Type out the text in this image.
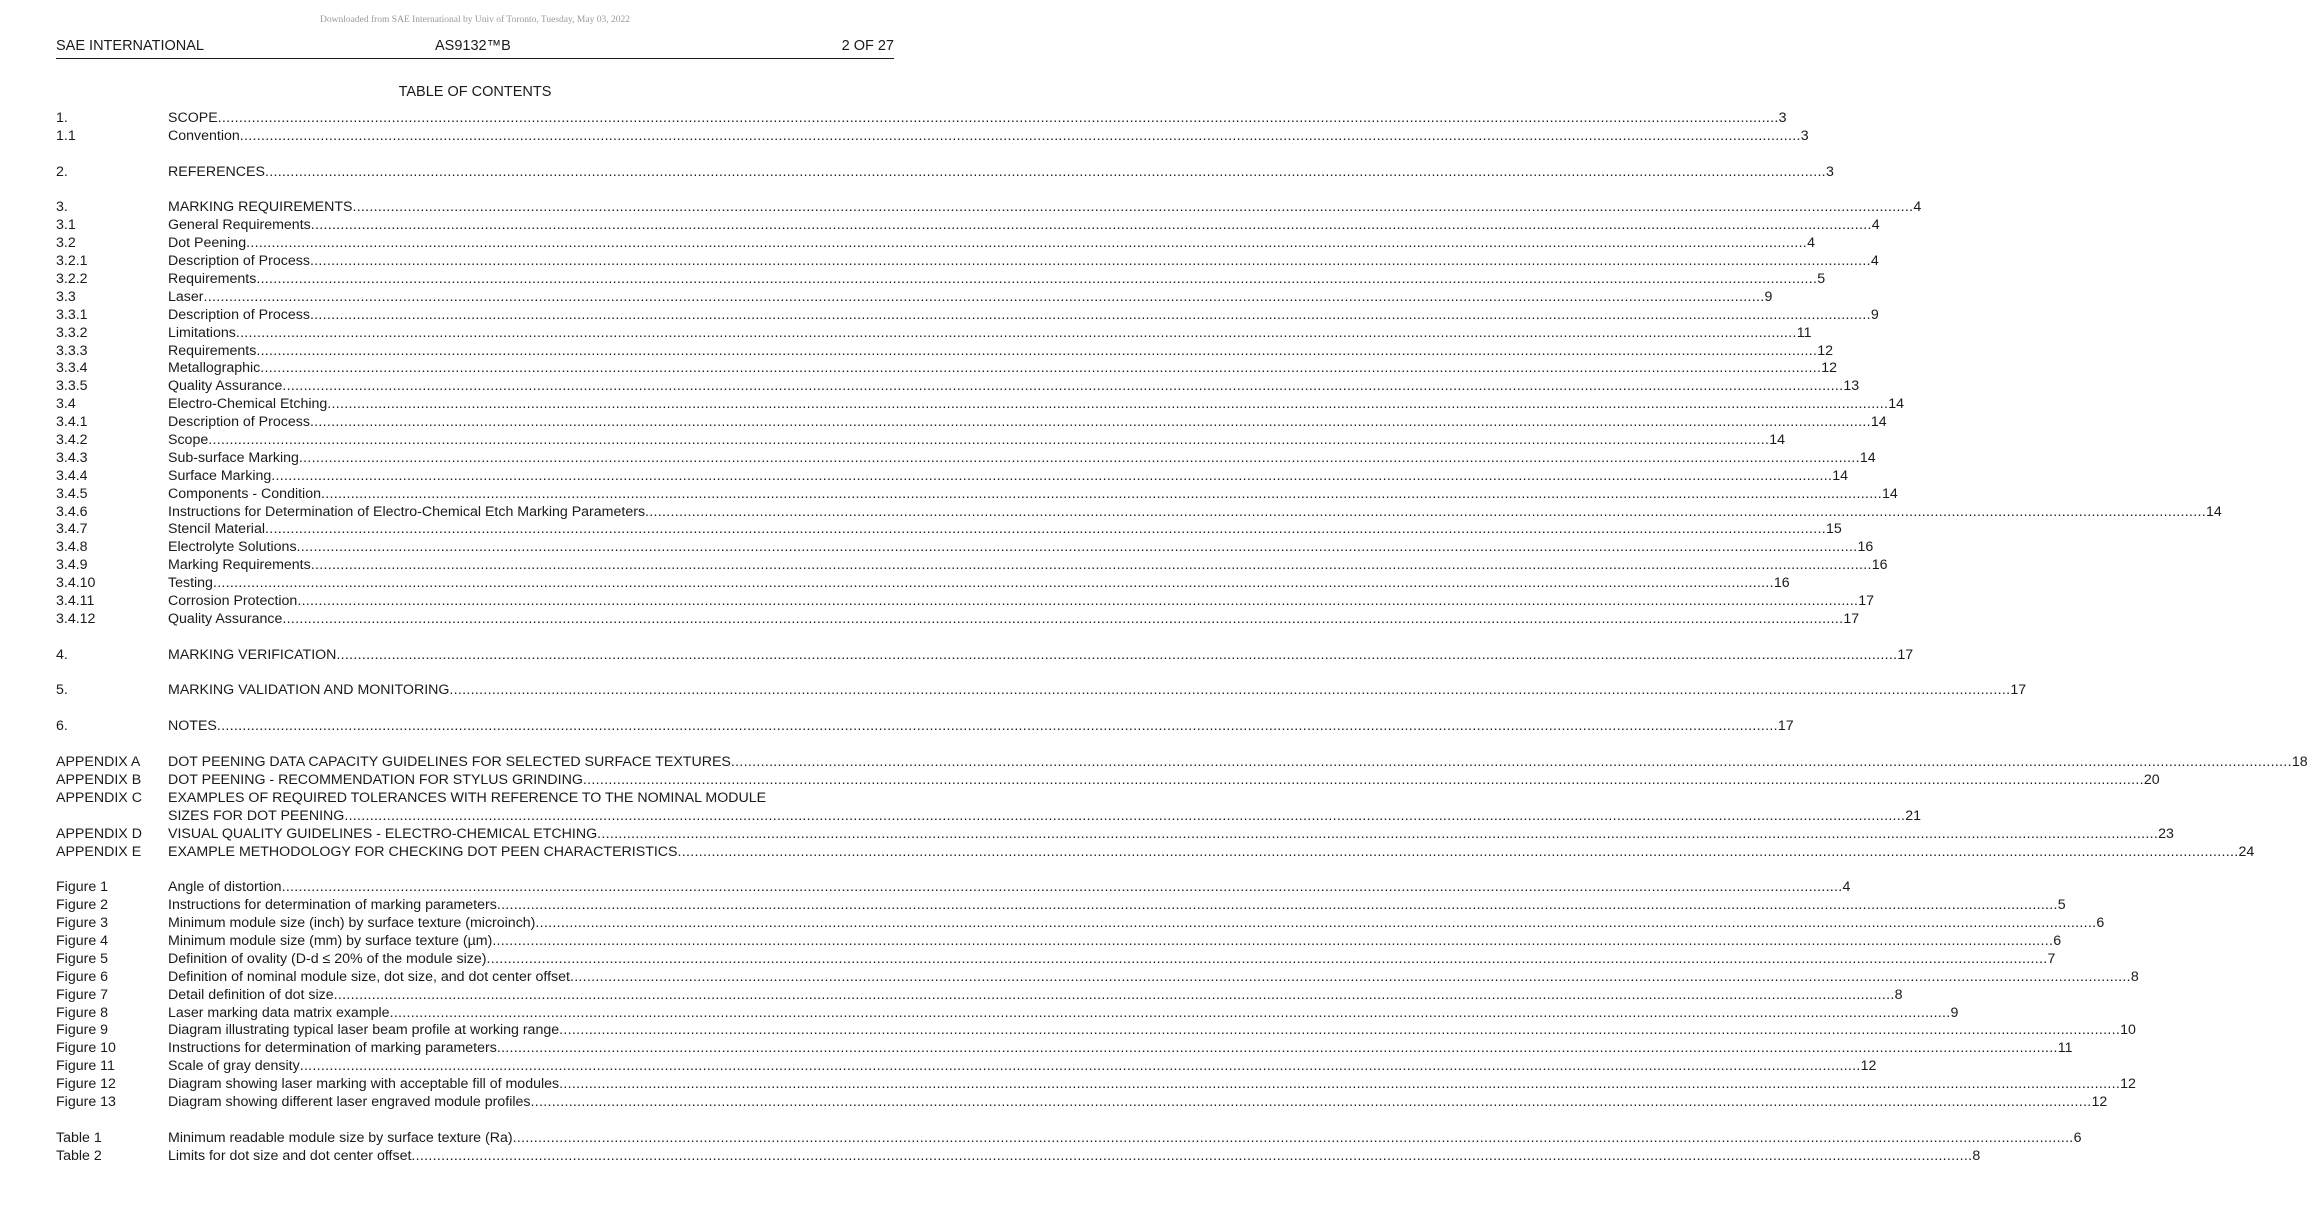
Downloaded from SAE International by Univ of Toronto, Tuesday, May 03, 2022
SAE INTERNATIONAL	AS9132™B	2 OF 27
TABLE OF CONTENTS
1.	SCOPE .....	3
1.1	Convention .....	3
2.	REFERENCES .....	3
3.	MARKING REQUIREMENTS .....	4
3.1	General Requirements .....	4
3.2	Dot Peening .....	4
3.2.1	Description of Process .....	4
3.2.2	Requirements .....	5
3.3	Laser .....	9
3.3.1	Description of Process .....	9
3.3.2	Limitations .....	11
3.3.3	Requirements .....	12
3.3.4	Metallographic .....	12
3.3.5	Quality Assurance .....	13
3.4	Electro-Chemical Etching .....	14
3.4.1	Description of Process .....	14
3.4.2	Scope .....	14
3.4.3	Sub-surface Marking .....	14
3.4.4	Surface Marking .....	14
3.4.5	Components - Condition .....	14
3.4.6	Instructions for Determination of Electro-Chemical Etch Marking Parameters .....	14
3.4.7	Stencil Material .....	15
3.4.8	Electrolyte Solutions .....	16
3.4.9	Marking Requirements .....	16
3.4.10	Testing .....	16
3.4.11	Corrosion Protection .....	17
3.4.12	Quality Assurance .....	17
4.	MARKING VERIFICATION .....	17
5.	MARKING VALIDATION AND MONITORING .....	17
6.	NOTES .....	17
APPENDIX A	DOT PEENING DATA CAPACITY GUIDELINES FOR SELECTED SURFACE TEXTURES .....	18
APPENDIX B	DOT PEENING - RECOMMENDATION FOR STYLUS GRINDING .....	20
APPENDIX C	EXAMPLES OF REQUIRED TOLERANCES WITH REFERENCE TO THE NOMINAL MODULE
SIZES FOR DOT PEENING .....	21
APPENDIX D	VISUAL QUALITY GUIDELINES - ELECTRO-CHEMICAL ETCHING .....	23
APPENDIX E	EXAMPLE METHODOLOGY FOR CHECKING DOT PEEN CHARACTERISTICS .....	24
Figure 1	Angle of distortion .....	4
Figure 2	Instructions for determination of marking parameters .....	5
Figure 3	Minimum module size (inch) by surface texture (microinch) .....	6
Figure 4	Minimum module size (mm) by surface texture (µm) .....	6
Figure 5	Definition of ovality (D-d ≤ 20% of the module size) .....	7
Figure 6	Definition of nominal module size, dot size, and dot center offset .....	8
Figure 7	Detail definition of dot size .....	8
Figure 8	Laser marking data matrix example .....	9
Figure 9	Diagram illustrating typical laser beam profile at working range .....	10
Figure 10	Instructions for determination of marking parameters .....	11
Figure 11	Scale of gray density .....	12
Figure 12	Diagram showing laser marking with acceptable fill of modules .....	12
Figure 13	Diagram showing different laser engraved module profiles .....	12
Table 1	Minimum readable module size by surface texture (Ra) .....	6
Table 2	Limits for dot size and dot center offset .....	8
